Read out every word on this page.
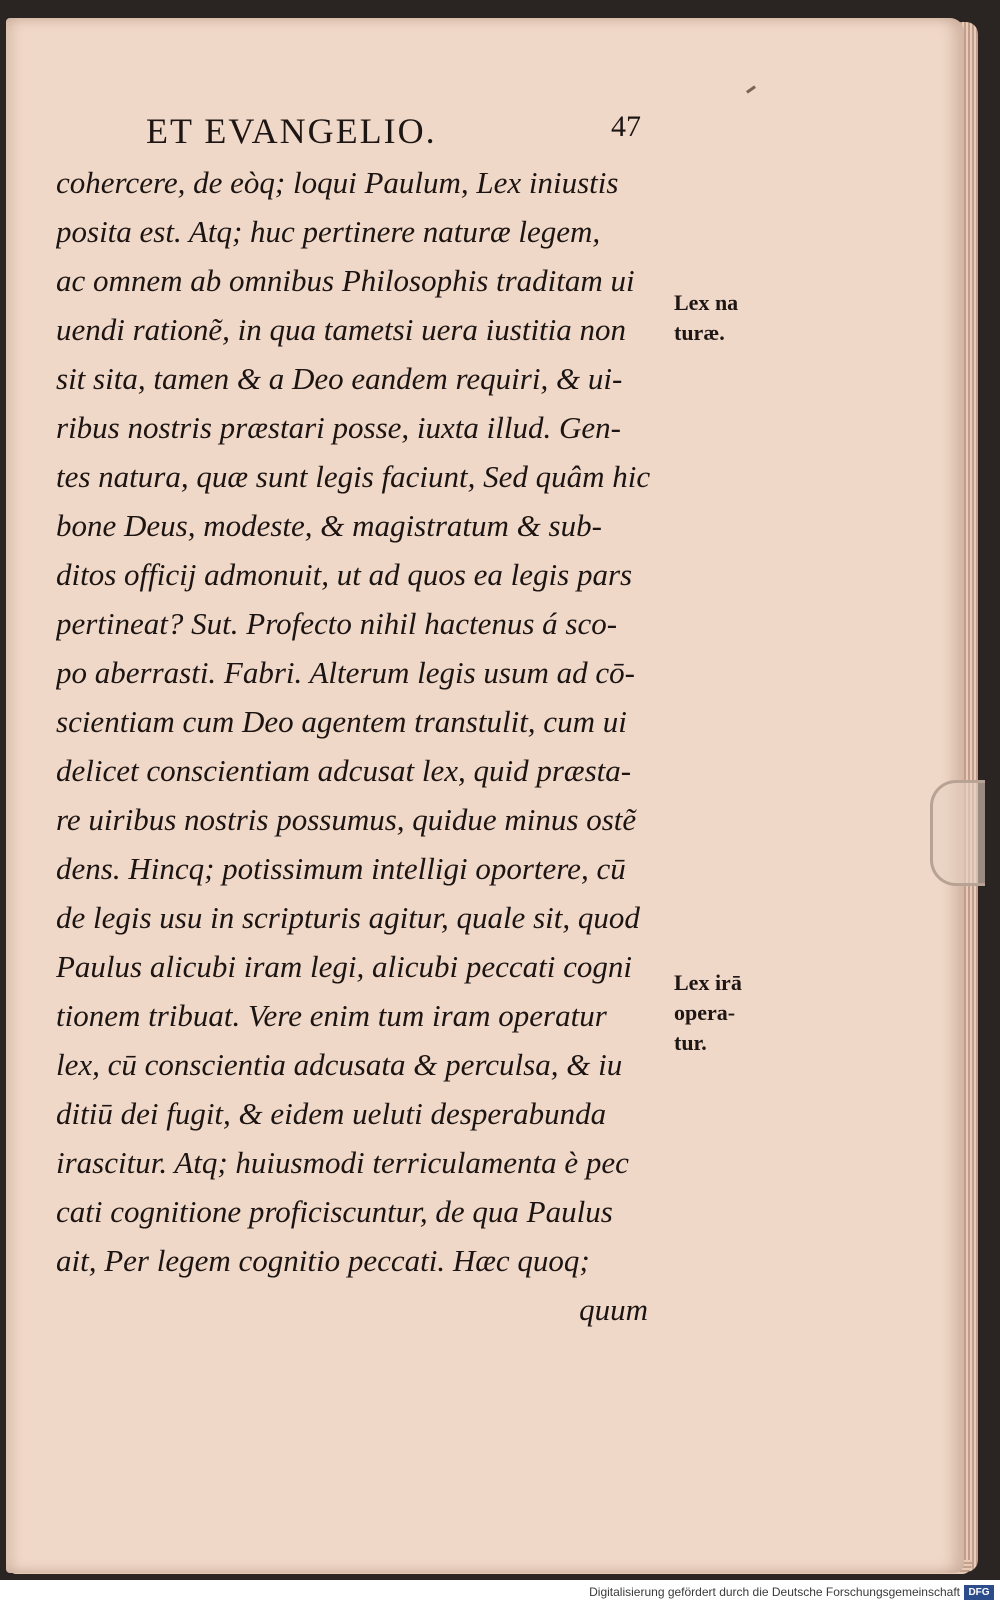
ET EVANGELIO.	47
cohercere, de eòq; loqui Paulum, Lex iniustis
posita est. Atq; huc pertinere naturæ legem,
ac omnem ab omnibus Philosophis traditam ui
uendi rationẽ, in qua tametsi uera iustitia non
sit sita, tamen & a Deo eandem requiri, & ui-
ribus nostris præstari posse, iuxta illud. Gen-
tes natura, quæ sunt legis faciunt, Sed quâm hic
bone Deus, modeste, & magistratum & sub-
ditos officij admonuit, ut ad quos ea legis pars
pertineat? Sut. Profecto nihil hactenus á sco-
po aberrasti. Fabri. Alterum legis usum ad cō-
scientiam cum Deo agentem transtulit, cum ui
delicet conscientiam adcusat lex, quid præsta-
re uiribus nostris possumus, quidue minus ostẽ
dens. Hincq; potissimum intelligi oportere, cū
de legis usu in scripturis agitur, quale sit, quod
Paulus alicubi iram legi, alicubi peccati cogni
tionem tribuat. Vere enim tum iram operatur
lex, cū conscientia adcusata & perculsa, & iu
ditiū dei fugit, & eidem ueluti desperabunda
irascitur. Atq; huiusmodi terriculamenta è pec
cati cognitione proficiscuntur, de qua Paulus
ait, Per legem cognitio peccati. Hæc quoq;
quum
Lex na
turæ.
Lex irā
opera-
tur.
Digitalisierung gefördert durch die Deutsche Forschungsgemeinschaft DFG
